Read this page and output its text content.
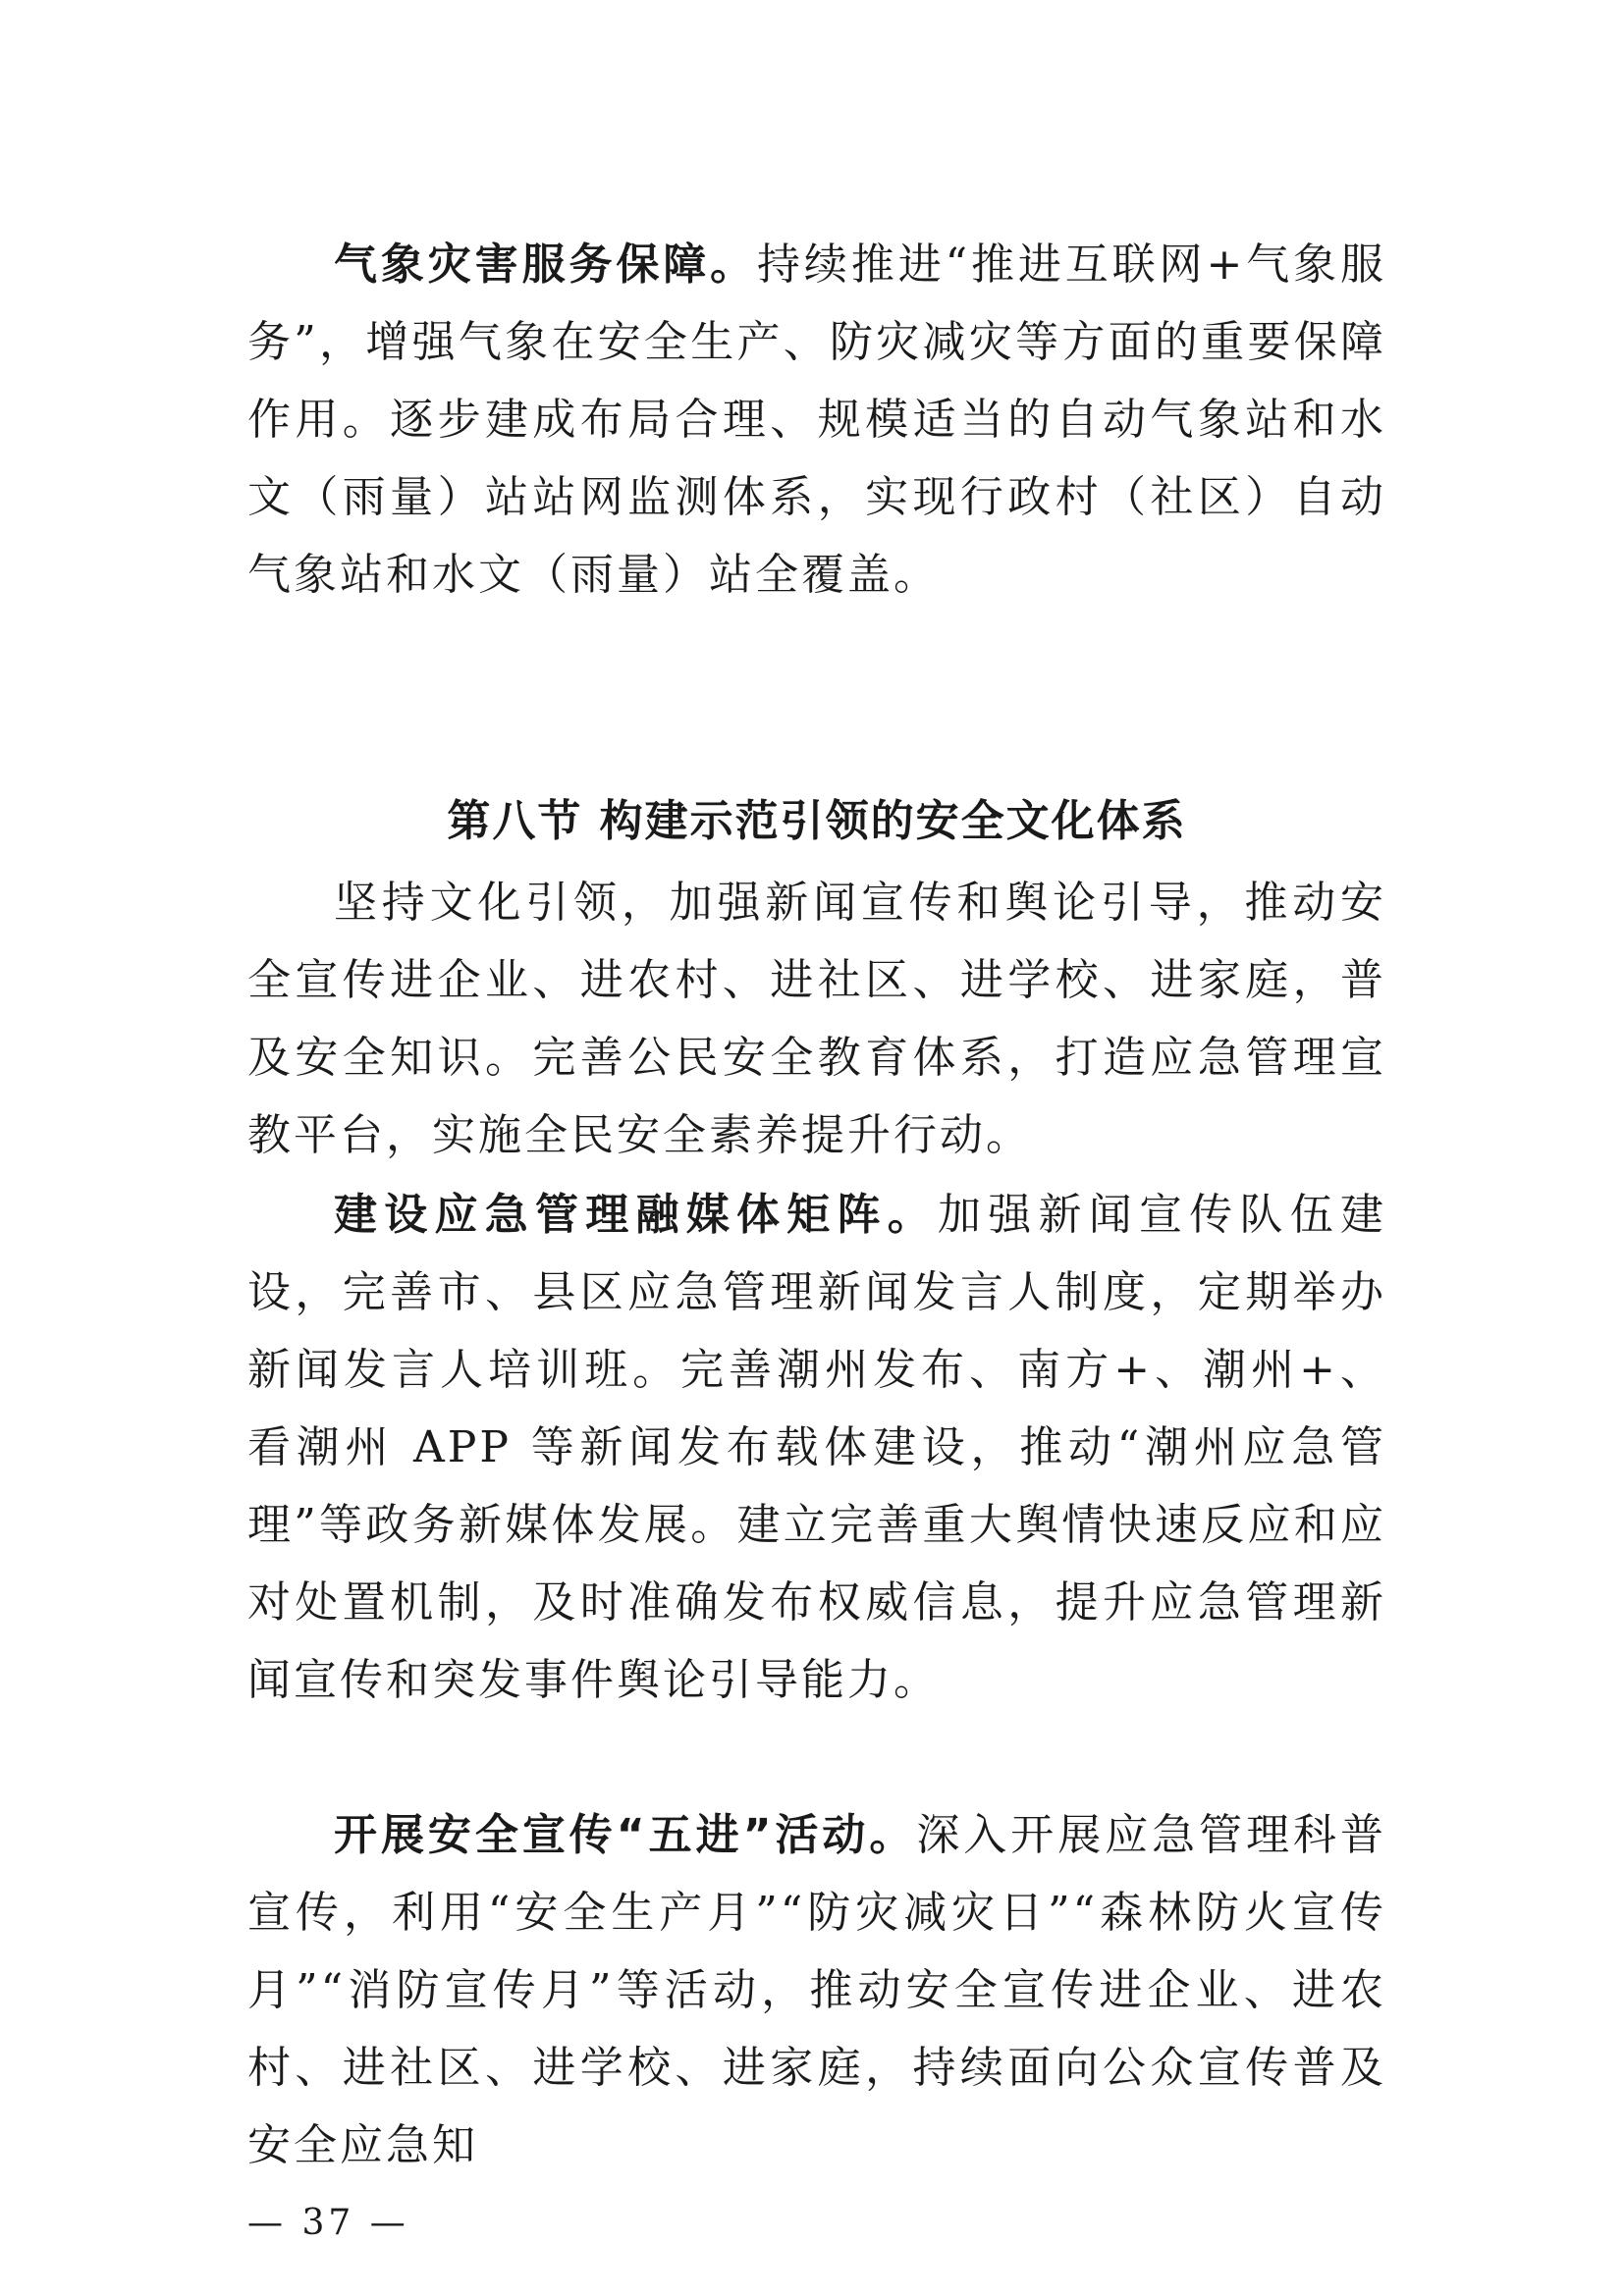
气象灾害服务保障。持续推进“推进互联网+气象服务”，增强气象在安全生产、防灾减灾等方面的重要保障作用。逐步建成布局合理、规模适当的自动气象站和水文（雨量）站站网监测体系，实现行政村（社区）自动气象站和水文（雨量）站全覆盖。

第八节 构建示范引领的安全文化体系

坚持文化引领，加强新闻宣传和舆论引导，推动安全宣传进企业、进农村、进社区、进学校、进家庭，普及安全知识。完善公民安全教育体系，打造应急管理宣教平台，实施全民安全素养提升行动。

建设应急管理融媒体矩阵。加强新闻宣传队伍建设，完善市、县区应急管理新闻发言人制度，定期举办新闻发言人培训班。完善潮州发布、南方+、潮州+、看潮州 APP 等新闻发布载体建设，推动“潮州应急管理”等政务新媒体发展。建立完善重大舆情快速反应和应对处置机制，及时准确发布权威信息，提升应急管理新闻宣传和突发事件舆论引导能力。

开展安全宣传“五进”活动。深入开展应急管理科普宣传，利用“安全生产月”“防灾减灾日”“森林防火宣传月”“消防宣传月”等活动，推动安全宣传进企业、进农村、进社区、进学校、进家庭，持续面向公众宣传普及安全应急知

— 37 —
